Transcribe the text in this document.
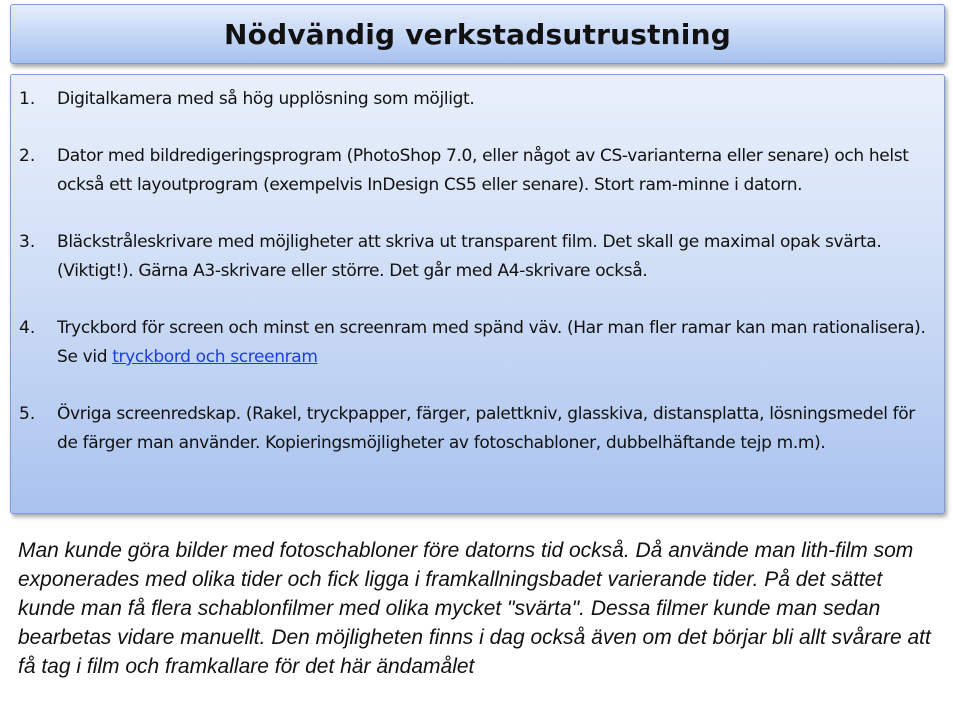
Nödvändig verkstadsutrustning
1.	Digitalkamera med så hög upplösning som möjligt.
2.	Dator med bildredigeringsprogram (PhotoShop 7.0, eller något av CS-varianterna eller senare) och helst också ett layoutprogram (exempelvis InDesign CS5 eller senare). Stort ram-minne i datorn.
3.	Bläckstråleskrivare med möjligheter att skriva ut transparent film. Det skall ge maximal opak svärta. (Viktigt!). Gärna A3-skrivare eller större. Det går med A4-skrivare också.
4.	Tryckbord för screen och minst en screenram med spänd väv. (Har man fler ramar kan man rationalisera). Se vid tryckbord och screenram
5.	Övriga screenredskap. (Rakel, tryckpapper, färger, palettkniv, glasskiva, distansplatta, lösningsmedel för de färger man använder. Kopieringsmöjligheter av fotoschabloner, dubbelhäftande tejp m.m).

Man kunde göra bilder med fotoschabloner före datorns tid också. Då använde man lith-film som exponerades med olika tider och fick ligga i framkallningsbadet varierande tider. På det sättet kunde man få flera schablonfilmer med olika mycket "svärta". Dessa filmer kunde man sedan bearbetas vidare manuellt. Den möjligheten finns i dag också även om det börjar bli allt svårare att få tag i film och framkallare för det här ändamålet
